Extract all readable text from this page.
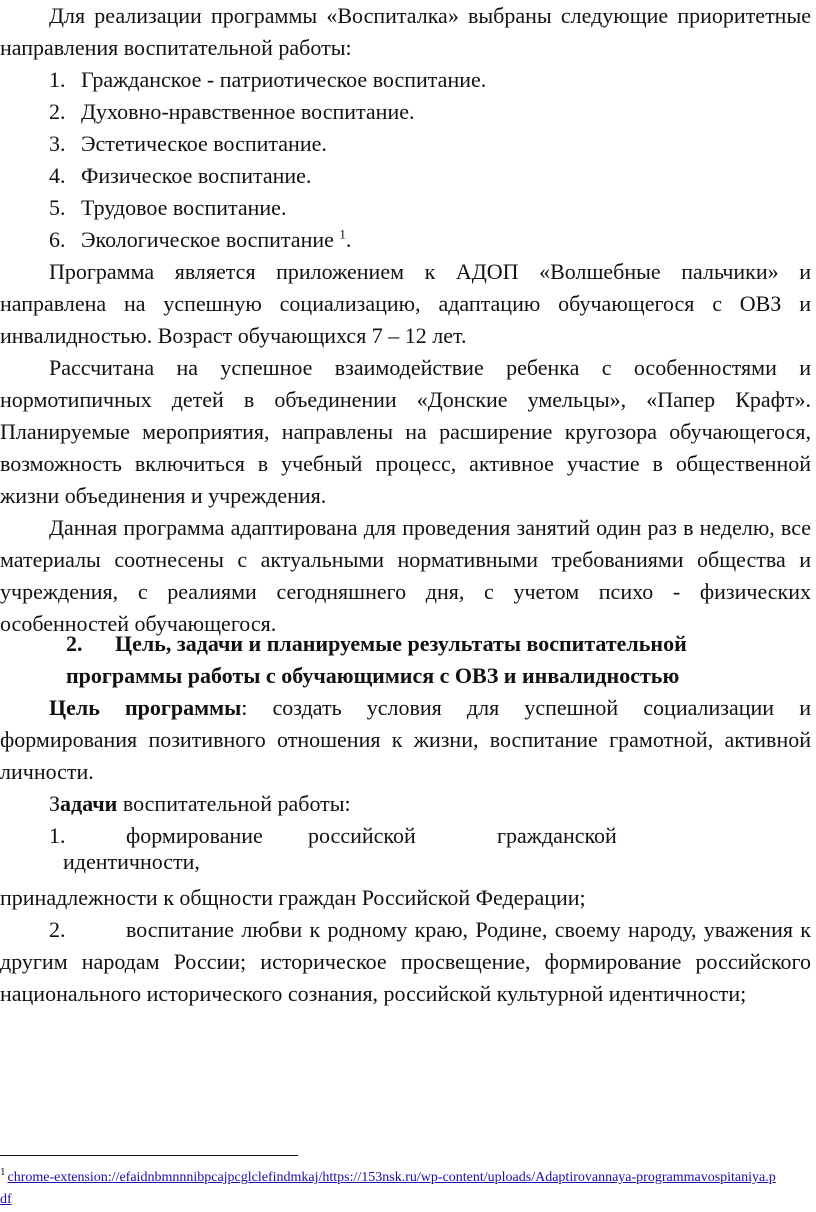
Для реализации программы «Воспиталка» выбраны следующие приоритетные направления воспитательной работы:

1. Гражданское - патриотическое воспитание.
2. Духовно-нравственное воспитание.
3. Эстетическое воспитание.
4. Физическое воспитание.
5. Трудовое воспитание.
6. Экологическое воспитание $^1$.

Программа является приложением к АДОП «Волшебные пальчики» и направлена на успешную социализацию, адаптацию обучающегося с ОВЗ и инвалидностью. Возраст обучающихся 7 – 12 лет.

Рассчитана на успешное взаимодействие ребенка с особенностями и нормотипичных детей в объединении «Донские умельцы», «Папер Крафт». Планируемые мероприятия, направлены на расширение кругозора обучающегося, возможность включиться в учебный процесс, активное участие в общественной жизни объединения и учреждения.

Данная программа адаптирована для проведения занятий один раз в неделю, все материалы соотнесены с актуальными нормативными требованиями общества и учреждения, с реалиями сегодняшнего дня, с учетом психо - физических особенностей обучающегося.

2. Цель, задачи и планируемые результаты воспитательной
программы работы с обучающимися с ОВЗ и инвалидностью

Цель программы: создать условия для успешной социализации и формирования позитивного отношения к жизни, воспитание грамотной, активной личности.

Задачи воспитательной работы:
1.	формирование российской	гражданской
идентичности,
принадлежности к общности граждан Российской Федерации;

2.	воспитание любви к родному краю, Родине, своему народу, уважения к другим народам России; историческое просвещение, формирование российского национального исторического сознания, российской культурной идентичности;

$^1$ chrome-extension://efaidnbmnnnibpcajpcglclefindmkaj/https://153nsk.ru/wp-content/uploads/Adaptirovannaya-programmavospitaniya.pdf
